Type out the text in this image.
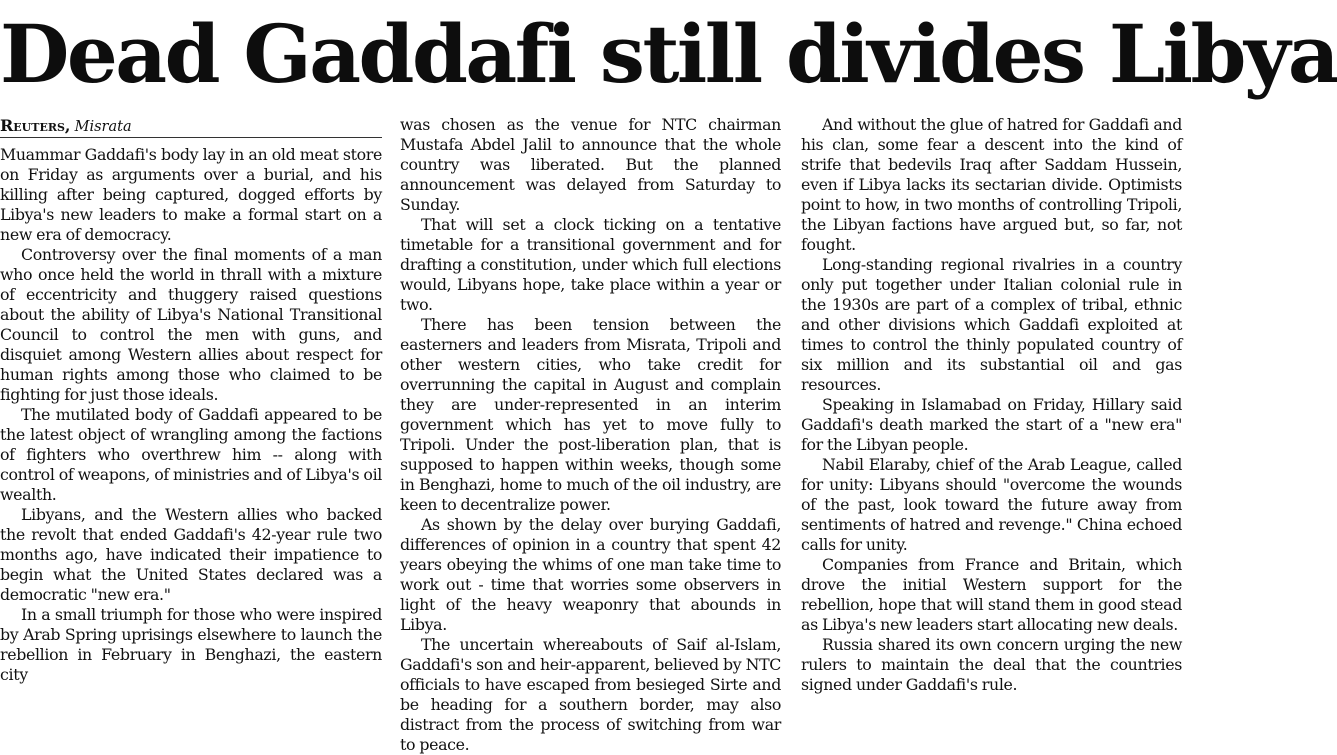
Dead Gaddafi still divides Libya
Reuters, Misrata

Muammar Gaddafi's body lay in an old meat store on Friday as arguments over a burial, and his killing after being captured, dogged efforts by Libya's new leaders to make a formal start on a new era of democracy.

Controversy over the final moments of a man who once held the world in thrall with a mixture of eccentricity and thuggery raised questions about the ability of Libya's National Transitional Council to control the men with guns, and disquiet among Western allies about respect for human rights among those who claimed to be fighting for just those ideals.

The mutilated body of Gaddafi appeared to be the latest object of wrangling among the factions of fighters who overthrew him -- along with control of weapons, of ministries and of Libya's oil wealth.

Libyans, and the Western allies who backed the revolt that ended Gaddafi's 42-year rule two months ago, have indicated their impatience to begin what the United States declared was a democratic "new era."

In a small triumph for those who were inspired by Arab Spring uprisings elsewhere to launch the rebellion in February in Benghazi, the eastern city

was chosen as the venue for NTC chairman Mustafa Abdel Jalil to announce that the whole country was liberated. But the planned announcement was delayed from Saturday to Sunday.

That will set a clock ticking on a tentative timetable for a transitional government and for drafting a constitution, under which full elections would, Libyans hope, take place within a year or two.

There has been tension between the easterners and leaders from Misrata, Tripoli and other western cities, who take credit for overrunning the capital in August and complain they are under-represented in an interim government which has yet to move fully to Tripoli. Under the post-liberation plan, that is supposed to happen within weeks, though some in Benghazi, home to much of the oil industry, are keen to decentralize power.

As shown by the delay over burying Gaddafi, differences of opinion in a country that spent 42 years obeying the whims of one man take time to work out - time that worries some observers in light of the heavy weaponry that abounds in Libya.

The uncertain whereabouts of Saif al-Islam, Gaddafi's son and heir-apparent, believed by NTC officials to have escaped from besieged Sirte and be heading for a southern border, may also distract from the process of switching from war to peace.

And without the glue of hatred for Gaddafi and his clan, some fear a descent into the kind of strife that bedevils Iraq after Saddam Hussein, even if Libya lacks its sectarian divide. Optimists point to how, in two months of controlling Tripoli, the Libyan factions have argued but, so far, not fought.

Long-standing regional rivalries in a country only put together under Italian colonial rule in the 1930s are part of a complex of tribal, ethnic and other divisions which Gaddafi exploited at times to control the thinly populated country of six million and its substantial oil and gas resources.

Speaking in Islamabad on Friday, Hillary said Gaddafi's death marked the start of a "new era" for the Libyan people.

Nabil Elaraby, chief of the Arab League, called for unity: Libyans should "overcome the wounds of the past, look toward the future away from sentiments of hatred and revenge." China echoed calls for unity.

Companies from France and Britain, which drove the initial Western support for the rebellion, hope that will stand them in good stead as Libya's new leaders start allocating new deals.

Russia shared its own concern urging the new rulers to maintain the deal that the countries signed under Gaddafi's rule.
